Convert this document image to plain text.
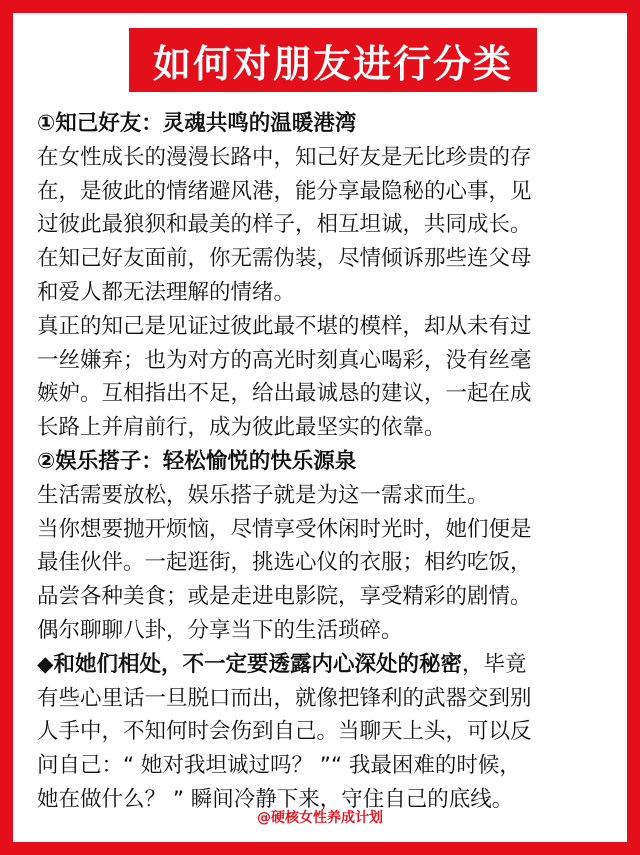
如何对朋友进行分类
①知己好友：灵魂共鸣的温暖港湾
在女性成长的漫漫长路中，知己好友是无比珍贵的存
在，是彼此的情绪避风港，能分享最隐秘的心事，见
过彼此最狼狈和最美的样子，相互坦诚，共同成长。
在知己好友面前，你无需伪装，尽情倾诉那些连父母
和爱人都无法理解的情绪。
真正的知己是见证过彼此最不堪的模样，却从未有过
一丝嫌弃；也为对方的高光时刻真心喝彩，没有丝毫
嫉妒。互相指出不足，给出最诚恳的建议，一起在成
长路上并肩前行，成为彼此最坚实的依靠。
②娱乐搭子：轻松愉悦的快乐源泉
生活需要放松，娱乐搭子就是为这一需求而生。
当你想要抛开烦恼，尽情享受休闲时光时，她们便是
最佳伙伴。一起逛街，挑选心仪的衣服；相约吃饭，
品尝各种美食；或是走进电影院，享受精彩的剧情。
偶尔聊聊八卦，分享当下的生活琐碎。
◆和她们相处，不一定要透露内心深处的秘密，毕竟
有些心里话一旦脱口而出，就像把锋利的武器交到别
人手中，不知何时会伤到自己。当聊天上头，可以反
问自己：“ 她对我坦诚过吗？ ”“ 我最困难的时候，
她在做什么？ ” 瞬间冷静下来，守住自己的底线。
@硬核女性养成计划
